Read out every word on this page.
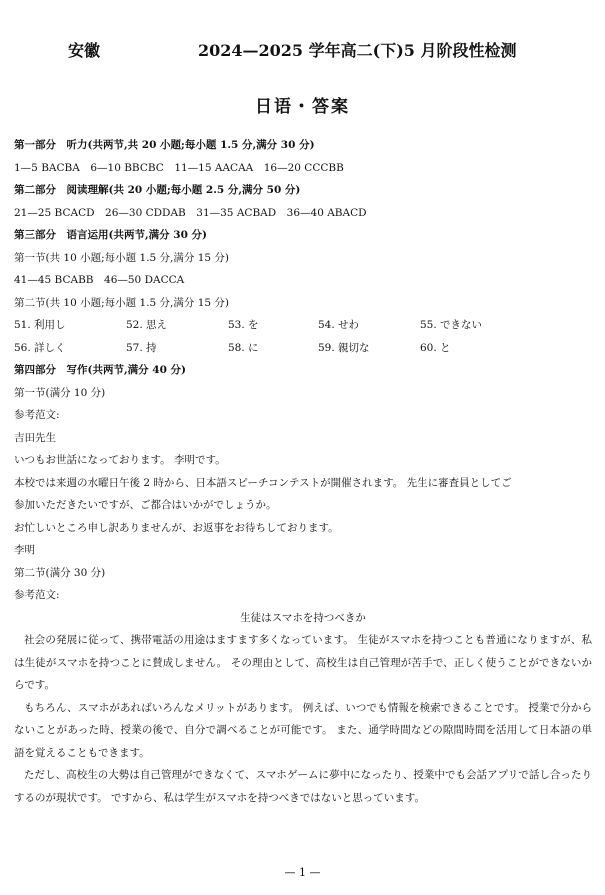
安徽	2024—2025 学年高二(下)5 月阶段性检测
日语・答案
第一部分　听力(共两节,共 20 小题;每小题 1.5 分,满分 30 分)
1—5 BACBA　6—10 BBCBC　11—15 AACAA　16—20 CCCBB
第二部分　阅读理解(共 20 小题;每小题 2.5 分,满分 50 分)
21—25 BCACD　26—30 CDDAB　31—35 ACBAD　36—40 ABACD
第三部分　语言运用(共两节,满分 30 分)
第一节(共 10 小题;每小题 1.5 分,满分 15 分)
41—45 BCABB　46—50 DACCA
第二节(共 10 小题;每小题 1.5 分,满分 15 分)
51. 利用し	52. 思え	53. を	54. せわ	55. できない
56. 詳しく	57. 持	58. に	59. 親切な	60. と
第四部分　写作(共两节,满分 40 分)
第一节(满分 10 分)
参考范文:
吉田先生
いつもお世話になっております。 李明です。
本校では来週の水曜日午後 2 時から、日本語スピーチコンテストが開催されます。 先生に審査員としてご
参加いただきたいですが、ご都合はいかがでしょうか。
お忙しいところ申し訳ありませんが、お返事をお待ちしております。
李明
第二节(满分 30 分)
参考范文:
生徒はスマホを持つべきか
社会の発展に従って、携帯電話の用途はますます多くなっています。 生徒がスマホを持つことも普通になりますが、私は生徒がスマホを持つことに賛成しません。 その理由として、高校生は自己管理が苦手で、正しく使うことができないからです。
もちろん、スマホがあればいろんなメリットがあります。 例えば、いつでも情報を検索できることです。 授業で分からないことがあった時、授業の後で、自分で調べることが可能です。 また、通学時間などの隙間時間を活用して日本語の単語を覚えることもできます。
ただし、高校生の大勢は自己管理ができなくて、スマホゲームに夢中になったり、授業中でも会話アプリで話し合ったりするのが現状です。 ですから、私は学生がスマホを持つべきではないと思っています。
— 1 —
